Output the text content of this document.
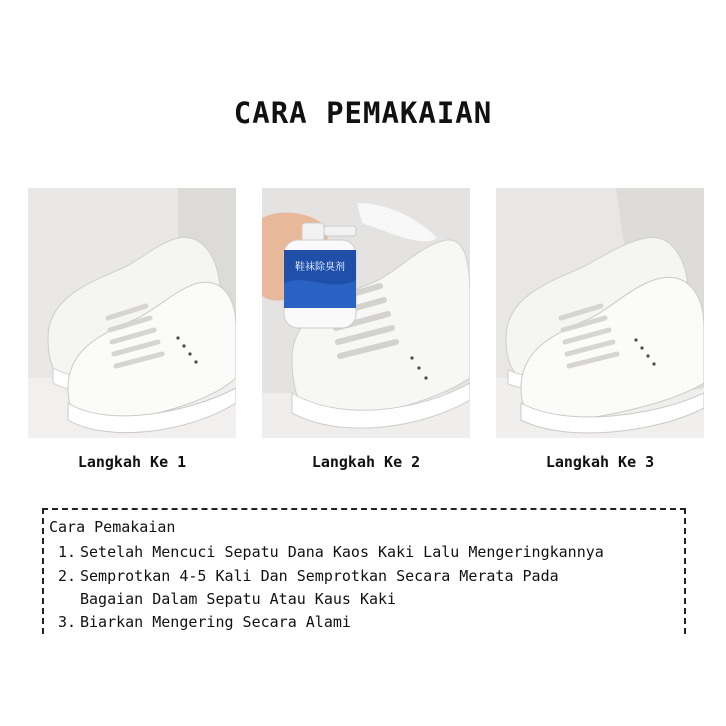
CARA PEMAKAIAN
鞋袜除臭剂
Langkah Ke 1	Langkah Ke 2	Langkah Ke 3
Cara Pemakaian
1. Setelah Mencuci Sepatu Dana Kaos Kaki Lalu Mengeringkannya
2. Semprotkan 4-5 Kali Dan Semprotkan Secara Merata Pada
Bagaian Dalam Sepatu Atau Kaus Kaki
3. Biarkan Mengering Secara Alami
